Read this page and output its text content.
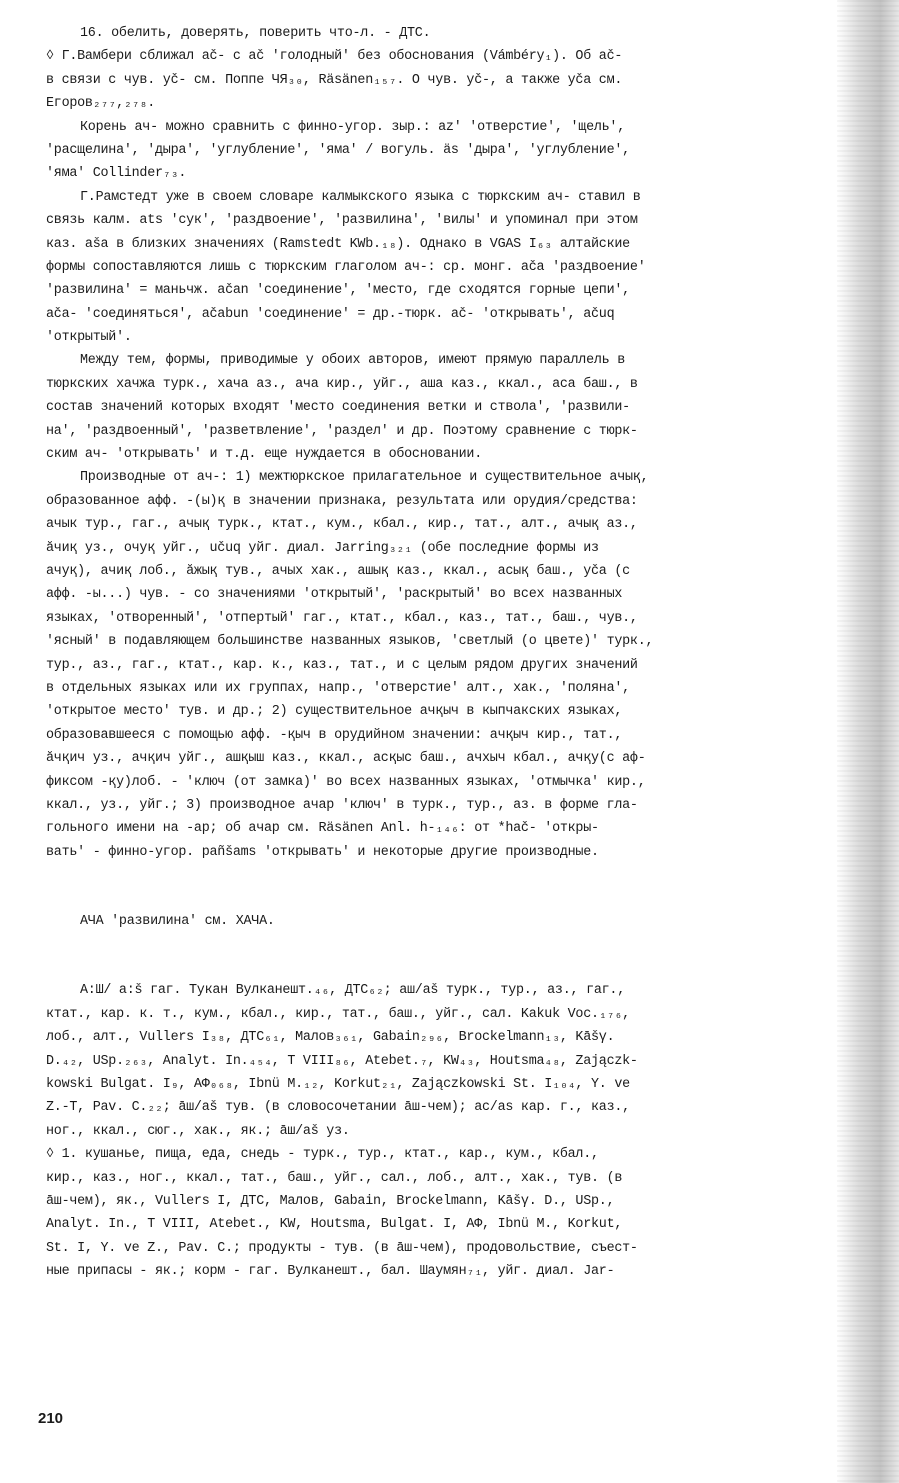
16. обелить, доверять, поверить что-л. - ДТС.
◊ Г.Вамбери сближал ač- с ač 'голодный' без обоснования (Vámbéry₁). Об ač-
в связи с чув. уč- см. Поппе ЧЯ₃₀, Räsänen₁₅₇. О чув. уč-, а также уčа см.
Егоров₂₇₇,₂₇₈.
Корень ач- можно сравнить с финно-угор. зыр.: az' 'отверстие', 'щель',
'расщелина', 'дыра', 'углубление', 'яма' / вогуль. äs 'дыра', 'углубление',
'яма' Collinder₇₃.
Г.Рамстедт уже в своем словаре калмыкского языка с тюркским ач- ставил в
связь калм. ats 'сук', 'раздвоение', 'развилина', 'вилы' и упоминал при этом
каз. aša в близких значениях (Ramstedt KWb.₁₈). Однако в VGAS I₆₃ алтайские
формы сопоставляются лишь с тюркским глаголом ач-: ср. монг. ača 'раздвоение'
'развилина' = маньчж. ačan 'соединение', 'место, где сходятся горные цепи',
ača- 'соединяться', ačabun 'соединение' = др.-тюрк. ač- 'открывать', ačuq
'открытый'.
Между тем, формы, приводимые у обоих авторов, имеют прямую параллель в
тюркских хачжа турк., хача аз., ача кир., уйг., аша каз., ккал., аса баш., в
состав значений которых входят 'место соединения ветки и ствола', 'развили-
на', 'раздвоенный', 'разветвление', 'раздел' и др. Поэтому сравнение с тюрк-
ским ач- 'открывать' и т.д. еще нуждается в обосновании.
Производные от ач-: 1) межтюркское прилагательное и существительное ачық,
образованное афф. -(ы)қ в значении признака, результата или орудия/средства:
ачык тур., гаг., ачық турк., ктат., кум., кбал., кир., тат., алт., ачық аз.,
ăчиқ уз., очуқ уйг., učuq уйг. диал. Jarring₃₂₁ (обе последние формы из
ачуқ), ачиқ лоб., ăжық тув., ачых хак., ашық каз., ккал., асық баш., уčа (с
афф. -ы...) чув. - со значениями 'открытый', 'раскрытый' во всех названных
языках, 'отворенный', 'отпертый' гаг., ктат., кбал., каз., тат., баш., чув.,
'ясный' в подавляющем большинстве названных языков, 'светлый (о цвете)' турк.,
тур., аз., гаг., ктат., кар. к., каз., тат., и с целым рядом других значений
в отдельных языках или их группах, напр., 'отверстие' алт., хак., 'поляна',
'открытое место' тув. и др.; 2) существительное ачқыч в кыпчакских языках,
образовавшееся с помощью афф. -қыч в орудийном значении: ачқыч кир., тат.,
ăчқич уз., ачқич уйг., ашқыш каз., ккал., асқыс баш., ачхыч кбал., ачқу(с аф-
фиксом -қу)лоб. - 'ключ (от замка)' во всех названных языках, 'отмычка' кир.,
ккал., уз., уйг.; 3) производное ачар 'ключ' в турк., тур., аз. в форме гла-
гольного имени на -ар; об ачар см. Räsänen Anl. h-₁₄₆: от *hač- 'откры-
вать' - финно-угор. pañšams 'открывать' и некоторые другие производные.
АЧА 'развилина' см. ХАЧА.
А:Ш/ а:š гаг. Тукан Вулканешт.₄₆, ДТС₆₂; аш/аš турк., тур., аз., гаг.,
ктат., кар. к. т., кум., кбал., кир., тат., баш., уйг., сал. Kakuk Voc.₁₇₆,
лоб., алт., Vullers I₃₈, ДТС₆₁, Малов₃₆₁, Gabain₂₉₆, Brockelmann₁₃, Kāšγ.
D.₄₂, USp.₂₆₃, Analyt. In.₄₅₄, T VIII₈₆, Atebet.₇, KW₄₃, Houtsma₄₈, Zajączk-
kowski Bulgat. I₉, АФ₀₆₈, Ibnü M.₁₂, Korkut₂₁, Zajączkowski St. I₁₀₄, Y. ve
Z.-T, Pav. C.₂₂; āш/аš тув. (в словосочетании āш-чем); ас/аs кар. г., каз.,
ног., ккал., сюг., хак., як.; āш/аš уз.
◊ 1. кушанье, пища, еда, снедь - турк., тур., ктат., кар., кум., кбал.,
кир., каз., ног., ккал., тат., баш., уйг., сал., лоб., алт., хак., тув. (в
āш-чем), як., Vullers I, ДТС, Малов, Gabain, Brockelmann, Kāšγ. D., USp.,
Analyt. In., T VIII, Atebet., KW, Houtsma, Bulgat. I, АФ, Ibnü M., Korkut,
St. I, Y. ve Z., Pav. C.; продукты - тув. (в āш-чем), продовольствие, съест-
ные припасы - як.; корм - гаг. Вулканешт., бал. Шаумян₇₁, уйг. диал. Jar-
210
